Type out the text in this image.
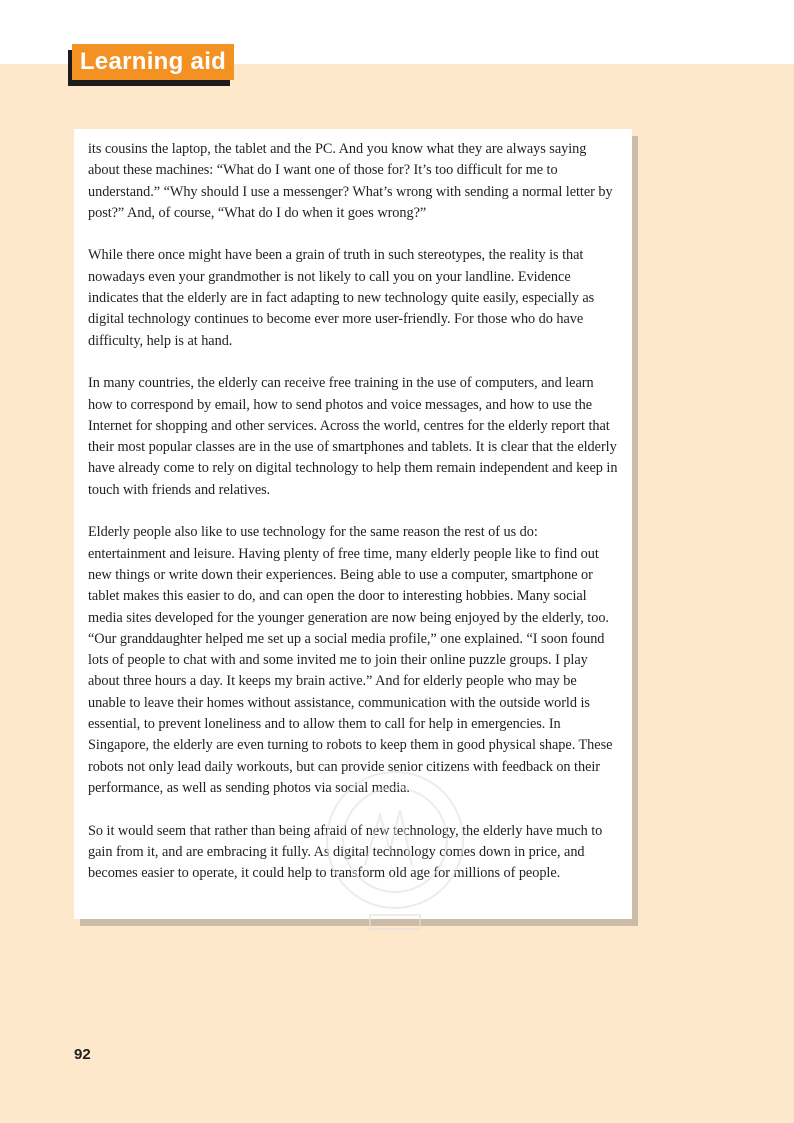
Learning aid

its cousins the laptop, the tablet and the PC. And you know what they are always saying about these machines: “What do I want one of those for? It’s too difficult for me to understand.” “Why should I use a messenger? What’s wrong with sending a normal letter by post?” And, of course, “What do I do when it goes wrong?”

While there once might have been a grain of truth in such stereotypes, the reality is that nowadays even your grandmother is not likely to call you on your landline. Evidence indicates that the elderly are in fact adapting to new technology quite easily, especially as digital technology continues to become ever more user-friendly. For those who do have difficulty, help is at hand.

In many countries, the elderly can receive free training in the use of computers, and learn how to correspond by email, how to send photos and voice messages, and how to use the Internet for shopping and other services. Across the world, centres for the elderly report that their most popular classes are in the use of smartphones and tablets. It is clear that the elderly have already come to rely on digital technology to help them remain independent and keep in touch with friends and relatives.

Elderly people also like to use technology for the same reason the rest of us do: entertainment and leisure. Having plenty of free time, many elderly people like to find out new things or write down their experiences. Being able to use a computer, smartphone or tablet makes this easier to do, and can open the door to interesting hobbies. Many social media sites developed for the younger generation are now being enjoyed by the elderly, too. “Our granddaughter helped me set up a social media profile,” one explained. “I soon found lots of people to chat with and some invited me to join their online puzzle groups. I play about three hours a day. It keeps my brain active.” And for elderly people who may be unable to leave their homes without assistance, communication with the outside world is essential, to prevent loneliness and to allow them to call for help in emergencies. In Singapore, the elderly are even turning to robots to keep them in good physical shape. These robots not only lead daily workouts, but can provide senior citizens with feedback on their performance, as well as sending photos via social media.

So it would seem that rather than being afraid of new technology, the elderly have much to gain from it, and are embracing it fully. As digital technology comes down in price, and becomes easier to operate, it could help to transform old age for millions of people.

92
